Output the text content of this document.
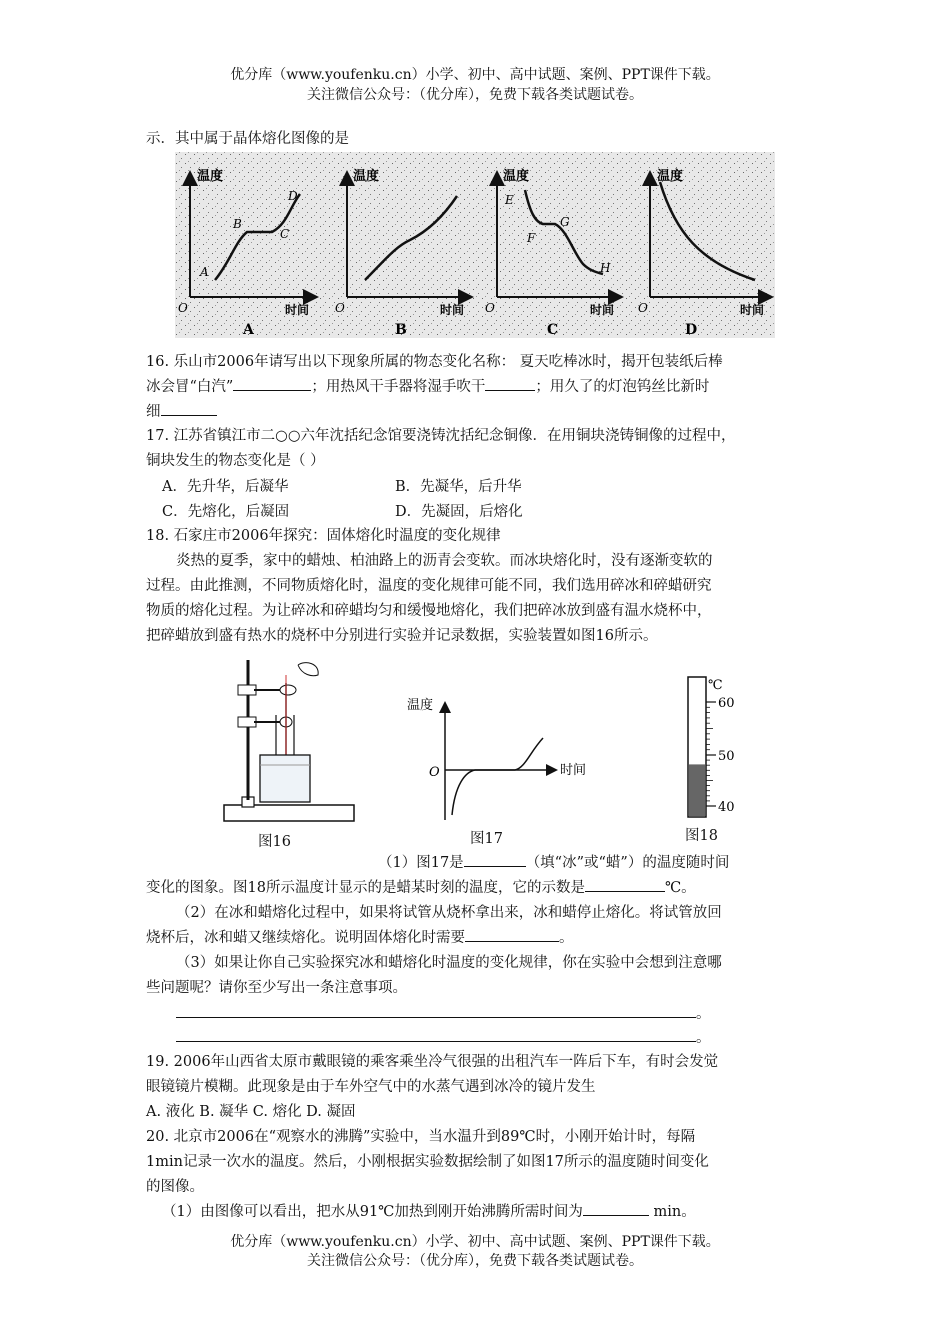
优分库（www.youfenku.cn）小学、初中、高中试题、案例、PPT课件下载。
关注微信公众号：（优分库），免费下载各类试题试卷。
示．其中属于晶体熔化图像的是
温度
时间
O
A
B
C
D
A
温度
时间
O
B
温度
时间
O
E
F
G
H
C
温度
时间
O
D
16. 乐山市2006年请写出以下现象所属的物态变化名称： 夏天吃棒冰时，揭开包装纸后棒
冰会冒“白汽”	；用热风干手器将湿手吹干	；用久了的灯泡钨丝比新时
细
17. 江苏省镇江市二○○六年沈括纪念馆要浇铸沈括纪念铜像．在用铜块浇铸铜像的过程中，
铜块发生的物态变化是（ ）
A．先升华，后凝华	B．先凝华，后升华
C．先熔化，后凝固	D．先凝固，后熔化
18. 石家庄市2006年探究：固体熔化时温度的变化规律
炎热的夏季，家中的蜡烛、柏油路上的沥青会变软。而冰块熔化时，没有逐渐变软的
过程。由此推测，不同物质熔化时，温度的变化规律可能不同，我们选用碎冰和碎蜡研究
物质的熔化过程。为让碎冰和碎蜡均匀和缓慢地熔化，我们把碎冰放到盛有温水烧杯中，
把碎蜡放到盛有热水的烧杯中分别进行实验并记录数据，实验装置如图16所示。
图16
温度
时间
O
图17
℃
60
50
40
图18
（1）图17是	（填“冰”或“蜡”）的温度随时间
变化的图象。图18所示温度计显示的是蜡某时刻的温度，它的示数是	℃。
（2）在冰和蜡熔化过程中，如果将试管从烧杯拿出来，冰和蜡停止熔化。将试管放回
烧杯后，冰和蜡又继续熔化。说明固体熔化时需要	。
（3）如果让你自己实验探究冰和蜡熔化时温度的变化规律，你在实验中会想到注意哪
些问题呢？请你至少写出一条注意事项。
。
。
19. 2006年山西省太原市戴眼镜的乘客乘坐冷气很强的出租汽车一阵后下车，有时会发觉
眼镜镜片模糊。此现象是由于车外空气中的水蒸气遇到冰冷的镜片发生
A. 液化 B. 凝华 C. 熔化 D. 凝固
20. 北京市2006在“观察水的沸腾”实验中，当水温升到89℃时，小刚开始计时，每隔
1min记录一次水的温度。然后，小刚根据实验数据绘制了如图17所示的温度随时间变化
的图像。
（1）由图像可以看出，把水从91℃加热到刚开始沸腾所需时间为	min。
优分库（www.youfenku.cn）小学、初中、高中试题、案例、PPT课件下载。
关注微信公众号：（优分库），免费下载各类试题试卷。
